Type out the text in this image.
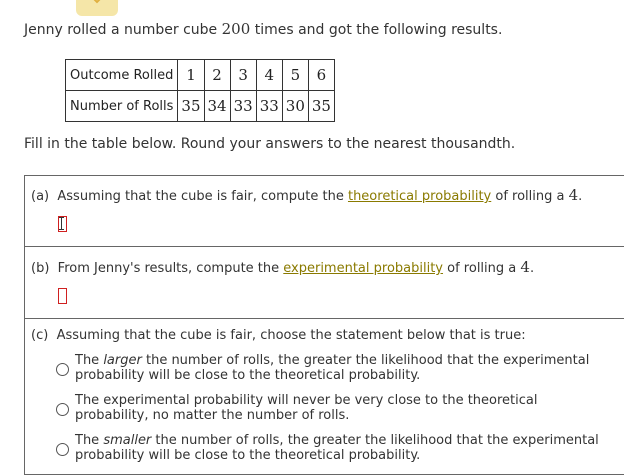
Jenny rolled a number cube 200 times and got the following results.
Outcome Rolled	1	2	3	4	5	6
Number of Rolls	35	34	33	33	30	35
Fill in the table below. Round your answers to the nearest thousandth.
(a) Assuming that the cube is fair, compute the theoretical probability of rolling a 4.
(b) From Jenny's results, compute the experimental probability of rolling a 4.
(c) Assuming that the cube is fair, choose the statement below that is true:
The larger the number of rolls, the greater the likelihood that the experimental probability will be close to the theoretical probability.
The experimental probability will never be very close to the theoretical probability, no matter the number of rolls.
The smaller the number of rolls, the greater the likelihood that the experimental probability will be close to the theoretical probability.
